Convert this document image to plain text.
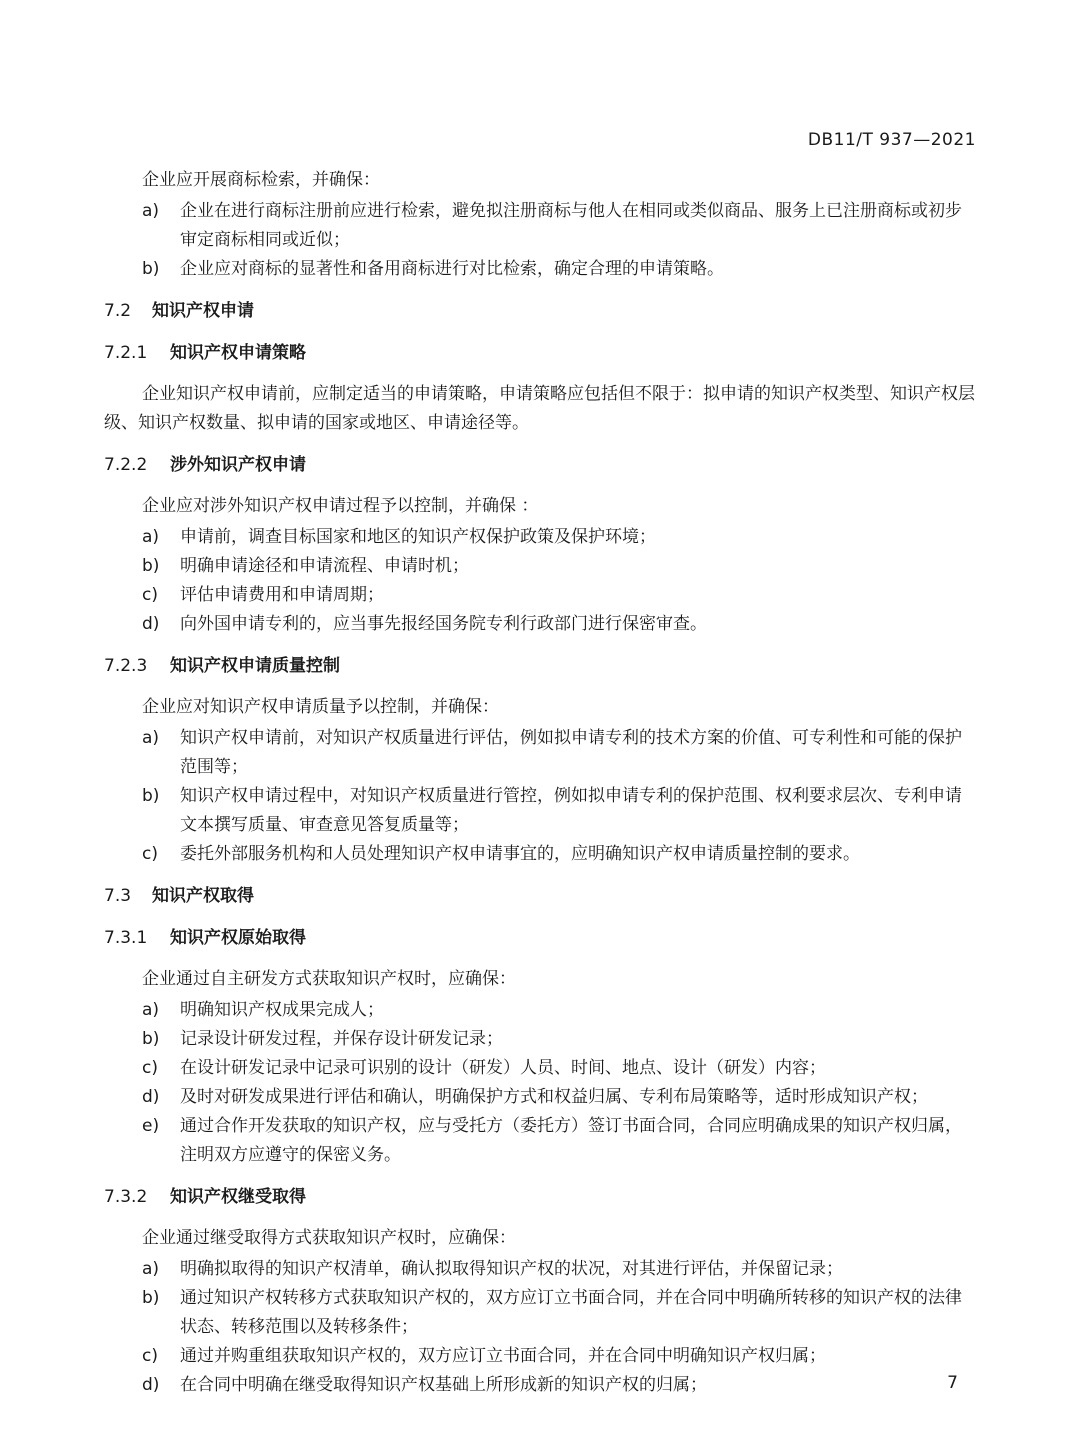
DB11/T 937—2021

企业应开展商标检索，并确保：

a) 企业在进行商标注册前应进行检索，避免拟注册商标与他人在相同或类似商品、服务上已注册商标或初步审定商标相同或近似；
b) 企业应对商标的显著性和备用商标进行对比检索，确定合理的申请策略。
7.2 知识产权申请
7.2.1 知识产权申请策略

企业知识产权申请前，应制定适当的申请策略，申请策略应包括但不限于：拟申请的知识产权类型、知识产权层级、知识产权数量、拟申请的国家或地区、申请途径等。

7.2.2 涉外知识产权申请

企业应对涉外知识产权申请过程予以控制，并确保 ：

a) 申请前，调查目标国家和地区的知识产权保护政策及保护环境；
b) 明确申请途径和申请流程、申请时机；
c) 评估申请费用和申请周期；
d) 向外国申请专利的，应当事先报经国务院专利行政部门进行保密审查。
7.2.3 知识产权申请质量控制

企业应对知识产权申请质量予以控制，并确保：

a) 知识产权申请前，对知识产权质量进行评估，例如拟申请专利的技术方案的价值、可专利性和可能的保护范围等；
b) 知识产权申请过程中，对知识产权质量进行管控，例如拟申请专利的保护范围、权利要求层次、专利申请文本撰写质量、审查意见答复质量等；
c) 委托外部服务机构和人员处理知识产权申请事宜的，应明确知识产权申请质量控制的要求。
7.3 知识产权取得
7.3.1 知识产权原始取得

企业通过自主研发方式获取知识产权时，应确保：

a) 明确知识产权成果完成人；
b) 记录设计研发过程，并保存设计研发记录；
c) 在设计研发记录中记录可识别的设计（研发）人员、时间、地点、设计（研发）内容；
d) 及时对研发成果进行评估和确认，明确保护方式和权益归属、专利布局策略等，适时形成知识产权；
e) 通过合作开发获取的知识产权，应与受托方（委托方）签订书面合同，合同应明确成果的知识产权归属，注明双方应遵守的保密义务。
7.3.2 知识产权继受取得

企业通过继受取得方式获取知识产权时，应确保：

a) 明确拟取得的知识产权清单，确认拟取得知识产权的状况，对其进行评估，并保留记录；
b) 通过知识产权转移方式获取知识产权的，双方应订立书面合同，并在合同中明确所转移的知识产权的法律状态、转移范围以及转移条件；
c) 通过并购重组获取知识产权的，双方应订立书面合同，并在合同中明确知识产权归属；
d) 在合同中明确在继受取得知识产权基础上所形成新的知识产权的归属；	7
